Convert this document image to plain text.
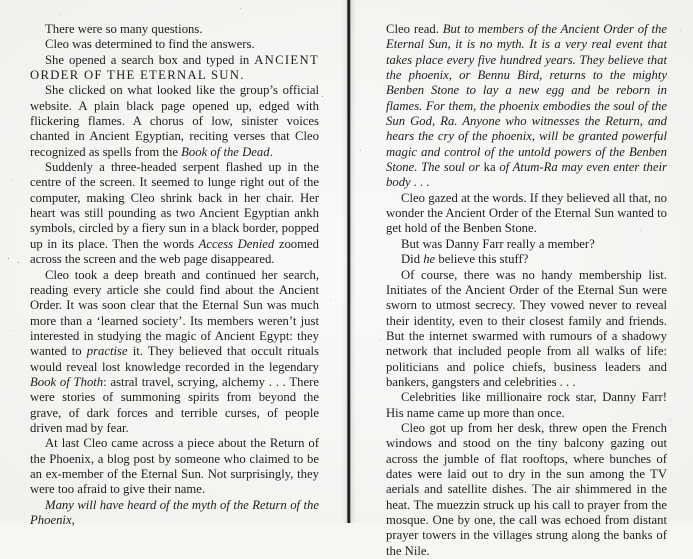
There were so many questions.

Cleo was determined to find the answers.

She opened a search box and typed in ANCIENT ORDER OF THE ETERNAL SUN.

She clicked on what looked like the group’s official website. A plain black page opened up, edged with flickering flames. A chorus of low, sinister voices chanted in Ancient Egyptian, reciting verses that Cleo recognized as spells from the Book of the Dead.

Suddenly a three-headed serpent flashed up in the centre of the screen. It seemed to lunge right out of the computer, making Cleo shrink back in her chair. Her heart was still pounding as two Ancient Egyptian ankh symbols, circled by a fiery sun in a black border, popped up in its place. Then the words Access Denied zoomed across the screen and the web page disappeared.

Cleo took a deep breath and continued her search, reading every article she could find about the Ancient Order. It was soon clear that the Eternal Sun was much more than a ‘learned society’. Its members weren’t just interested in studying the magic of Ancient Egypt: they wanted to practise it. They believed that occult rituals would reveal lost knowledge recorded in the legendary Book of Thoth: astral travel, scrying, alchemy . . . There were stories of summoning spirits from beyond the grave, of dark forces and terrible curses, of people driven mad by fear.

At last Cleo came across a piece about the Return of the Phoenix, a blog post by someone who claimed to be an ex-member of the Eternal Sun. Not surprisingly, they were too afraid to give their name.

Many will have heard of the myth of the Return of the Phoenix,

Cleo read. But to members of the Ancient Order of the Eternal Sun, it is no myth. It is a very real event that takes place every five hundred years. They believe that the phoenix, or Bennu Bird, returns to the mighty Benben Stone to lay a new egg and be reborn in flames. For them, the phoenix embodies the soul of the Sun God, Ra. Anyone who witnesses the Return, and hears the cry of the phoenix, will be granted powerful magic and control of the untold powers of the Benben Stone. The soul or ka of Atum-Ra may even enter their body . . .

Cleo gazed at the words. If they believed all that, no wonder the Ancient Order of the Eternal Sun wanted to get hold of the Benben Stone.

But was Danny Farr really a member?

Did he believe this stuff?

Of course, there was no handy membership list. Initiates of the Ancient Order of the Eternal Sun were sworn to utmost secrecy. They vowed never to reveal their identity, even to their closest family and friends. But the internet swarmed with rumours of a shadowy network that included people from all walks of life: politicians and police chiefs, business leaders and bankers, gangsters and celebrities . . .

Celebrities like millionaire rock star, Danny Farr! His name came up more than once.

Cleo got up from her desk, threw open the French windows and stood on the tiny balcony gazing out across the jumble of flat rooftops, where bunches of dates were laid out to dry in the sun among the TV aerials and satellite dishes. The air shimmered in the heat. The muezzin struck up his call to prayer from the mosque. One by one, the call was echoed from distant prayer towers in the villages strung along the banks of the Nile.
